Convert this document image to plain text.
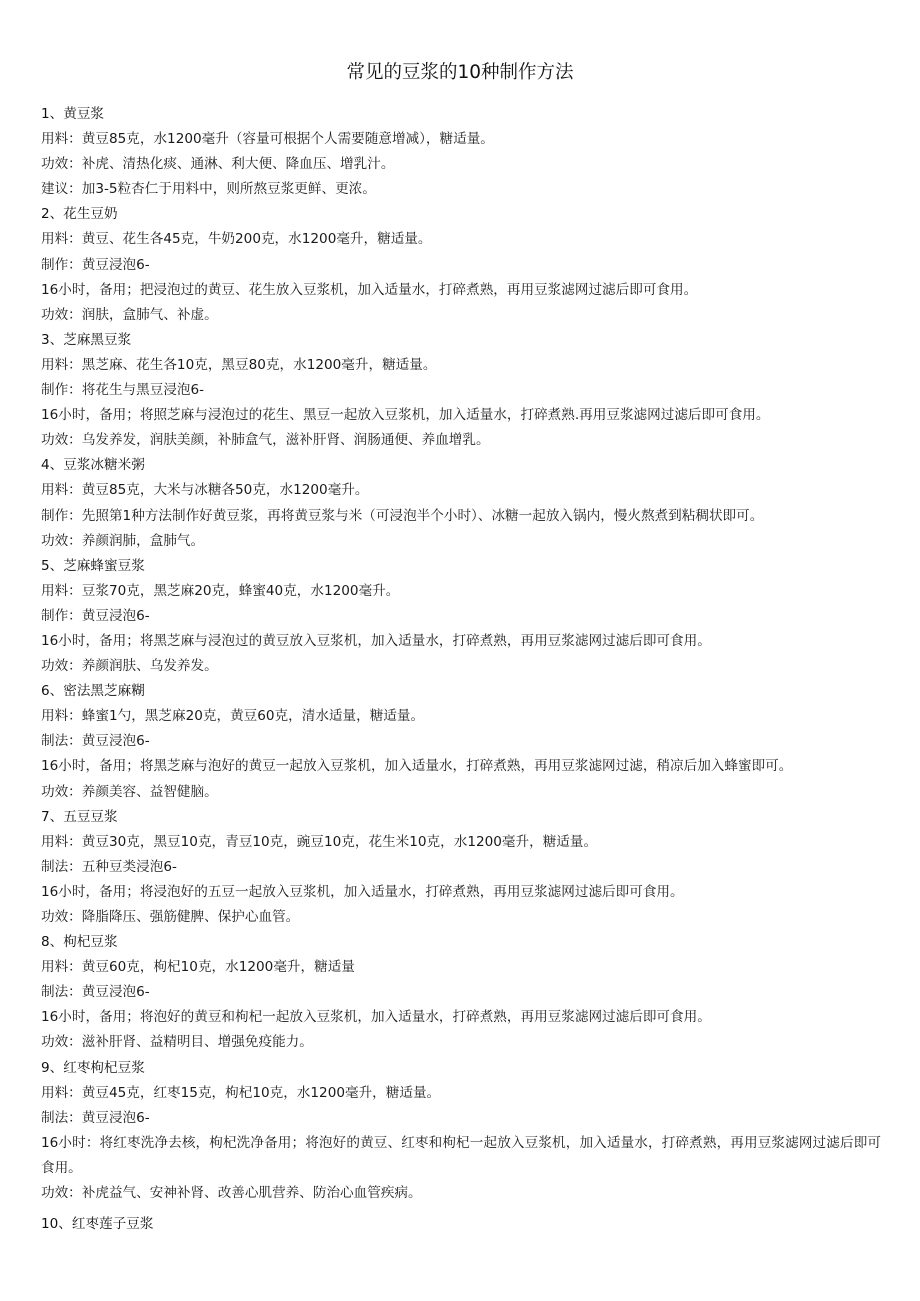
常见的豆浆的10种制作方法
1、黄豆浆
用料：黄豆85克，水1200毫升（容量可根据个人需要随意增减），糖适量。
功效：补虎、清热化痰、通淋、利大便、降血压、增乳汁。
建议：加3-5粒杏仁于用料中，则所熬豆浆更鲜、更浓。
2、花生豆奶
用料：黄豆、花生各45克，牛奶200克，水1200毫升，糖适量。
制作：黄豆浸泡6-
16小时，备用；把浸泡过的黄豆、花生放入豆浆机，加入适量水，打碎煮熟，再用豆浆滤网过滤后即可食用。
功效：润肤，盒肺气、补虚。
3、芝麻黑豆浆
用料：黑芝麻、花生各10克，黑豆80克，水1200毫升，糖适量。
制作：将花生与黑豆浸泡6-
16小时，备用；将照芝麻与浸泡过的花生、黑豆一起放入豆浆机，加入适量水，打碎煮熟.再用豆浆滤网过滤后即可食用。
功效：乌发养发，润肤美颜，补肺盒气，滋补肝肾、润肠通便、养血增乳。
4、豆浆冰糖米粥
用料：黄豆85克，大米与冰糖各50克，水1200毫升。
制作：先照第1种方法制作好黄豆浆，再将黄豆浆与米（可浸泡半个小时）、冰糖一起放入锅内，慢火熬煮到粘稠状即可。
功效：养颜润肺，盒肺气。
5、芝麻蜂蜜豆浆
用料：豆浆70克，黑芝麻20克，蜂蜜40克，水1200毫升。
制作：黄豆浸泡6-
16小时，备用；将黑芝麻与浸泡过的黄豆放入豆浆机，加入适量水，打碎煮熟，再用豆浆滤网过滤后即可食用。
功效：养颜润肤、乌发养发。
6、密法黑芝麻糊
用料：蜂蜜1勺，黑芝麻20克，黄豆60克，清水适量，糖适量。
制法：黄豆浸泡6-
16小时，备用；将黑芝麻与泡好的黄豆一起放入豆浆机，加入适量水，打碎煮熟，再用豆浆滤网过滤，稍凉后加入蜂蜜即可。
功效：养颜美容、益智健脑。
7、五豆豆浆
用料：黄豆30克，黑豆10克，青豆10克，豌豆10克，花生米10克，水1200毫升，糖适量。
制法：五种豆类浸泡6-
16小时，备用；将浸泡好的五豆一起放入豆浆机，加入适量水，打碎煮熟，再用豆浆滤网过滤后即可食用。
功效：降脂降压、强筋健脾、保护心血管。
8、枸杞豆浆
用料：黄豆60克，枸杞10克，水1200毫升，糖适量
制法：黄豆浸泡6-
16小时，备用；将泡好的黄豆和枸杞一起放入豆浆机，加入适量水，打碎煮熟，再用豆浆滤网过滤后即可食用。
功效：滋补肝肾、益精明目、增强免疫能力。
9、红枣枸杞豆浆
用料：黄豆45克，红枣15克，枸杞10克，水1200毫升，糖适量。
制法：黄豆浸泡6-
16小时：将红枣洗净去核，枸杞洗净备用；将泡好的黄豆、红枣和枸杞一起放入豆浆机，加入适量水，打碎煮熟，再用豆浆滤网过滤后即可食用。
功效：补虎益气、安神补肾、改善心肌营养、防治心血管疾病。
10、红枣莲子豆浆
